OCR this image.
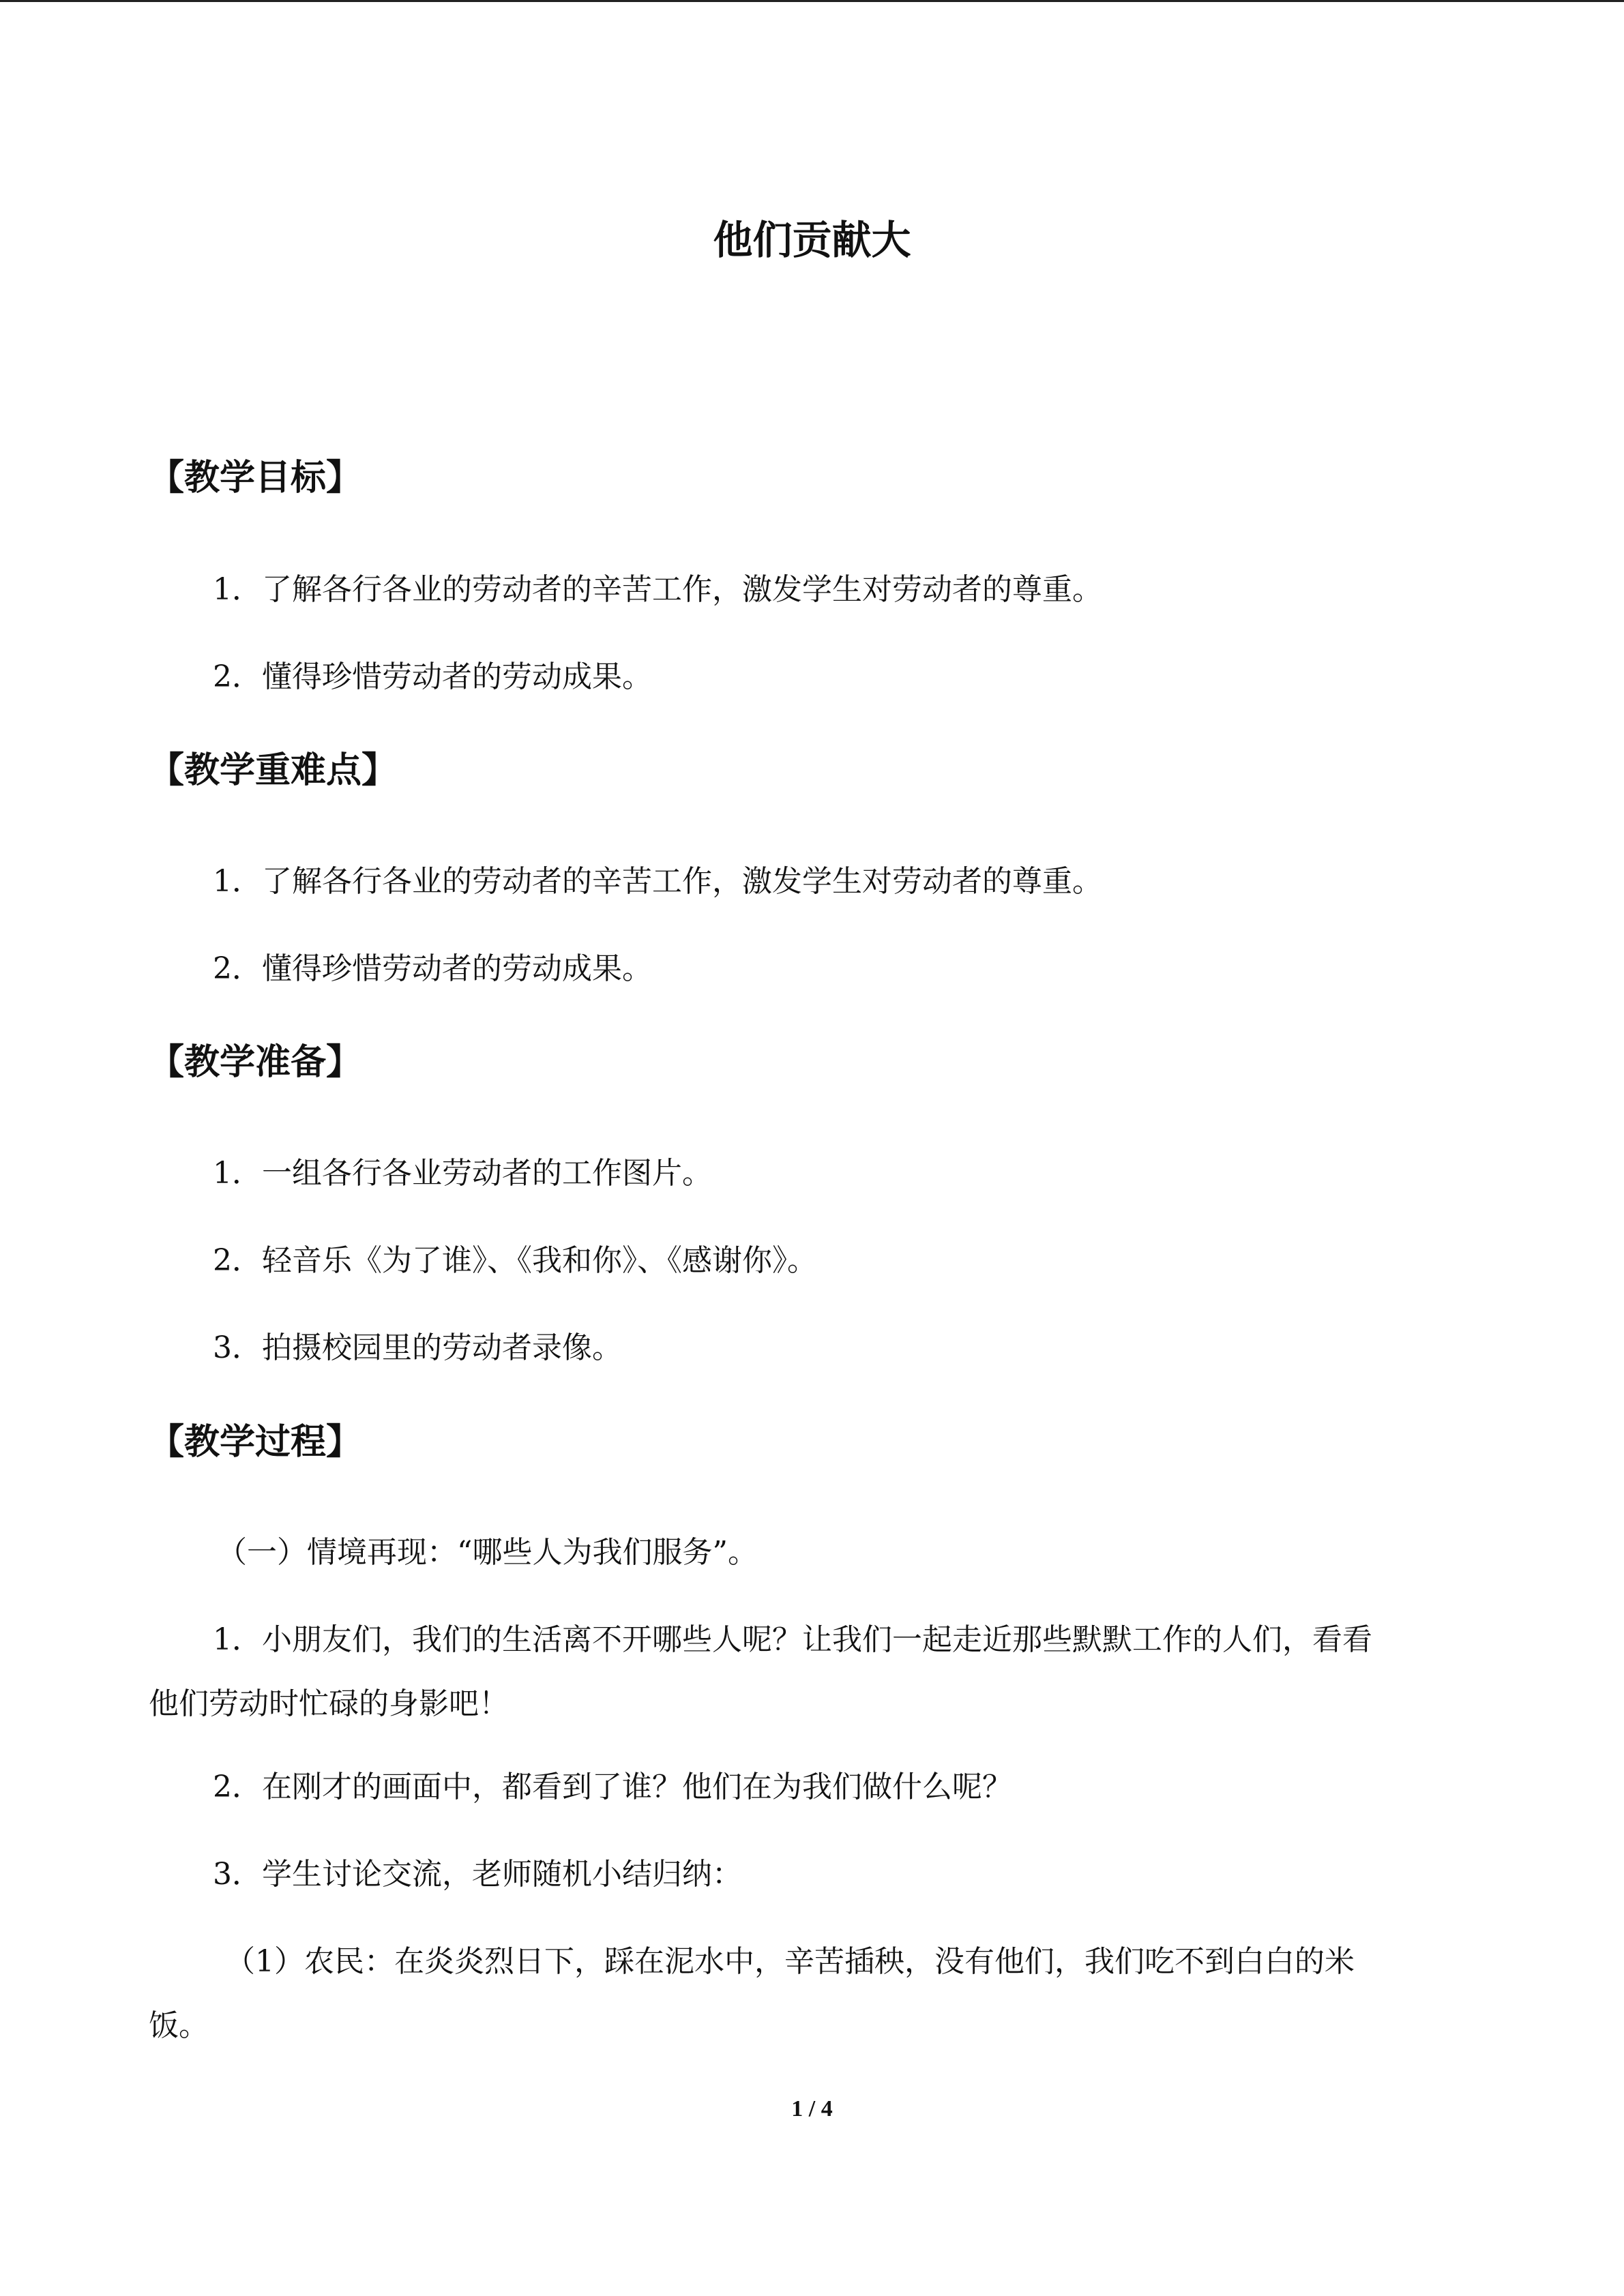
他们贡献大
【教学目标】
1．了解各行各业的劳动者的辛苦工作，激发学生对劳动者的尊重。
2．懂得珍惜劳动者的劳动成果。
【教学重难点】
1．了解各行各业的劳动者的辛苦工作，激发学生对劳动者的尊重。
2．懂得珍惜劳动者的劳动成果。
【教学准备】
1．一组各行各业劳动者的工作图片。
2．轻音乐《为了谁》、《我和你》、《感谢你》。
3．拍摄校园里的劳动者录像。
【教学过程】
（一）情境再现：“哪些人为我们服务”。
1．小朋友们，我们的生活离不开哪些人呢？让我们一起走近那些默默工作的人们，看看
他们劳动时忙碌的身影吧！
2．在刚才的画面中，都看到了谁？他们在为我们做什么呢？
3．学生讨论交流，老师随机小结归纳：
（1）农民：在炎炎烈日下，踩在泥水中，辛苦插秧，没有他们，我们吃不到白白的米
饭。
1 / 4
